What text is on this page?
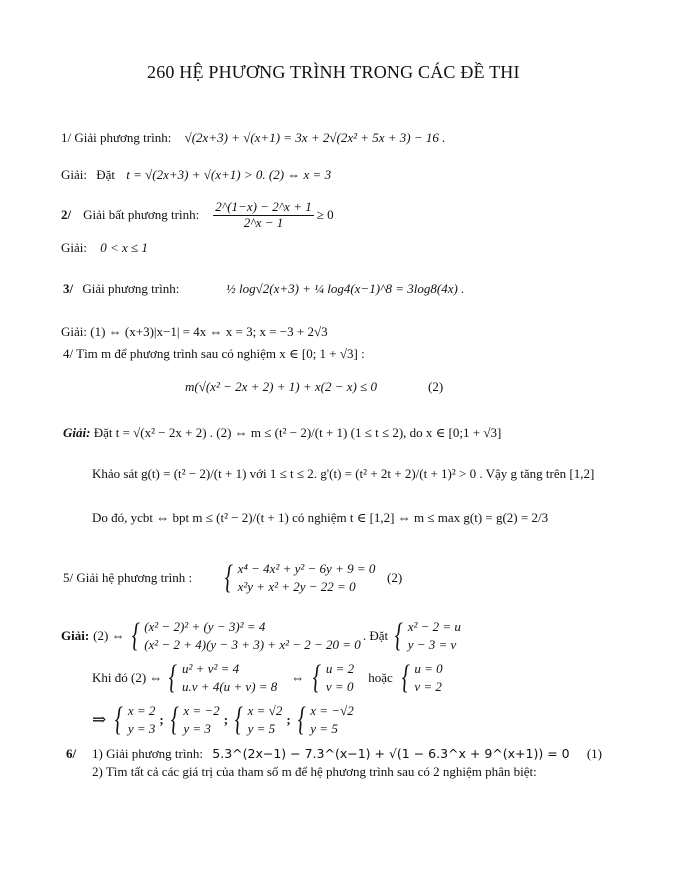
260 HỆ PHƯƠNG TRÌNH TRONG CÁC ĐỀ THI
1/ Giải phương trình: √(2x+3) + √(x+1) = 3x + 2√(2x² + 5x + 3) − 16 .
Giải: Đặt t = √(2x+3) + √(x+1) > 0. (2) ⇔ x = 3
2/ Giải bất phương trình: $\frac{2\^{}(1-x) - 2\^{}x + 1}{2\^{}x - 1} \ge 0$
Giải: 0 < x ≤ 1
3/ Giải phương trình:	½ log√2(x+3) + ¼ log4(x−1)^8 = 3log8(4x) .
Giải: (1) ⇔ (x+3)|x−1| = 4x ⇔ x = 3; x = −3 + 2√3
4/ Tìm m để phương trình sau có nghiệm x ∈ [0; 1 + √3] :
m(√(x² − 2x + 2) + 1) + x(2 − x) ≤ 0	(2)
Giải: Đặt t = √(x² − 2x + 2) . (2) ⇔ m ≤ (t² − 2)/(t + 1) (1 ≤ t ≤ 2), do x ∈ [0;1 + √3]
Khảo sát g(t) = (t² − 2)/(t + 1) với 1 ≤ t ≤ 2. g'(t) = (t² + 2t + 2)/(t + 1)² > 0 . Vậy g tăng trên [1,2]
Do đó, ycbt ⇔ bpt m ≤ (t² − 2)/(t + 1) có nghiệm t ∈ [1,2] ⇔ m ≤ max g(t) = g(2) = 2/3
5/ Giải hệ phương trình : { x⁴ − 4x² + y² − 6y + 9 = 0
x²y + x² + 2y − 22 = 0
(2)
Giải: (2) ⇔ { (x² − 2)² + (y − 3)² = 4
(x² − 2 + 4)(y − 3 + 3) + x² − 2 − 20 = 0
. Đặt { x² − 2 = u
y − 3 = v
Khi đó (2) ⇔ { u² + v² = 4
u.v + 4(u + v) = 8
⇔ { u = 2
v = 0
hoặc { u = 0
v = 2
⇒ { x = 2
y = 3
; { x = −2
y = 3
; { x = √2
y = 5
; { x = −√2
y = 5
6/ 1) Giải phương trình: 5.3^(2x−1) − 7.3^(x−1) + √(1 − 6.3^x + 9^(x+1)) = 0 (1)
2) Tìm tất cả các giá trị của tham số m để hệ phương trình sau có 2 nghiệm phân biệt:
